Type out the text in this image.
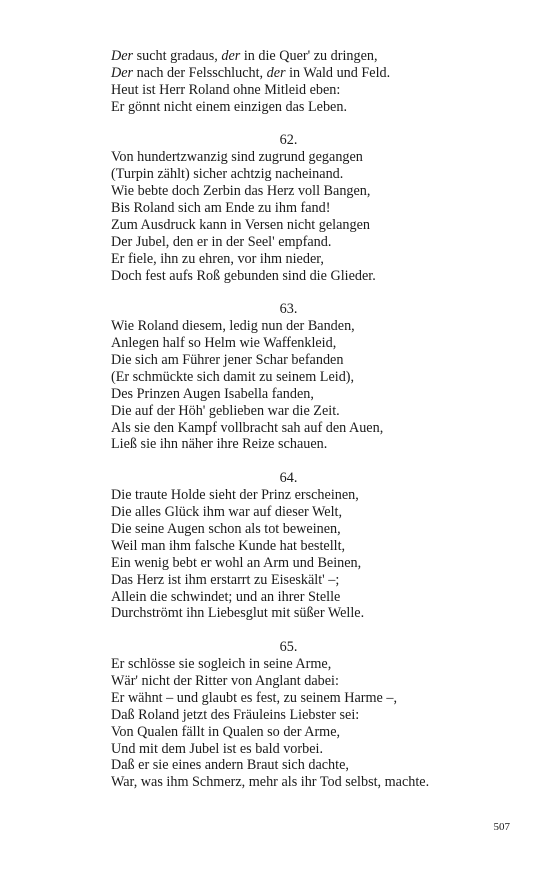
Der sucht gradaus, der in die Quer' zu dringen,
Der nach der Felsschlucht, der in Wald und Feld.
Heut ist Herr Roland ohne Mitleid eben:
Er gönnt nicht einem einzigen das Leben.
62.
Von hundertzwanzig sind zugrund gegangen
(Turpin zählt) sicher achtzig nacheinand.
Wie bebte doch Zerbin das Herz voll Bangen,
Bis Roland sich am Ende zu ihm fand!
Zum Ausdruck kann in Versen nicht gelangen
Der Jubel, den er in der Seel' empfand.
Er fiele, ihn zu ehren, vor ihm nieder,
Doch fest aufs Roß gebunden sind die Glieder.
63.
Wie Roland diesem, ledig nun der Banden,
Anlegen half so Helm wie Waffenkleid,
Die sich am Führer jener Schar befanden
(Er schmückte sich damit zu seinem Leid),
Des Prinzen Augen Isabella fanden,
Die auf der Höh' geblieben war die Zeit.
Als sie den Kampf vollbracht sah auf den Auen,
Ließ sie ihn näher ihre Reize schauen.
64.
Die traute Holde sieht der Prinz erscheinen,
Die alles Glück ihm war auf dieser Welt,
Die seine Augen schon als tot beweinen,
Weil man ihm falsche Kunde hat bestellt,
Ein wenig bebt er wohl an Arm und Beinen,
Das Herz ist ihm erstarrt zu Eiseskält' –;
Allein die schwindet; und an ihrer Stelle
Durchströmt ihn Liebesglut mit süßer Welle.
65.
Er schlösse sie sogleich in seine Arme,
Wär' nicht der Ritter von Anglant dabei:
Er wähnt – und glaubt es fest, zu seinem Harme –,
Daß Roland jetzt des Fräuleins Liebster sei:
Von Qualen fällt in Qualen so der Arme,
Und mit dem Jubel ist es bald vorbei.
Daß er sie eines andern Braut sich dachte,
War, was ihm Schmerz, mehr als ihr Tod selbst, machte.
507
